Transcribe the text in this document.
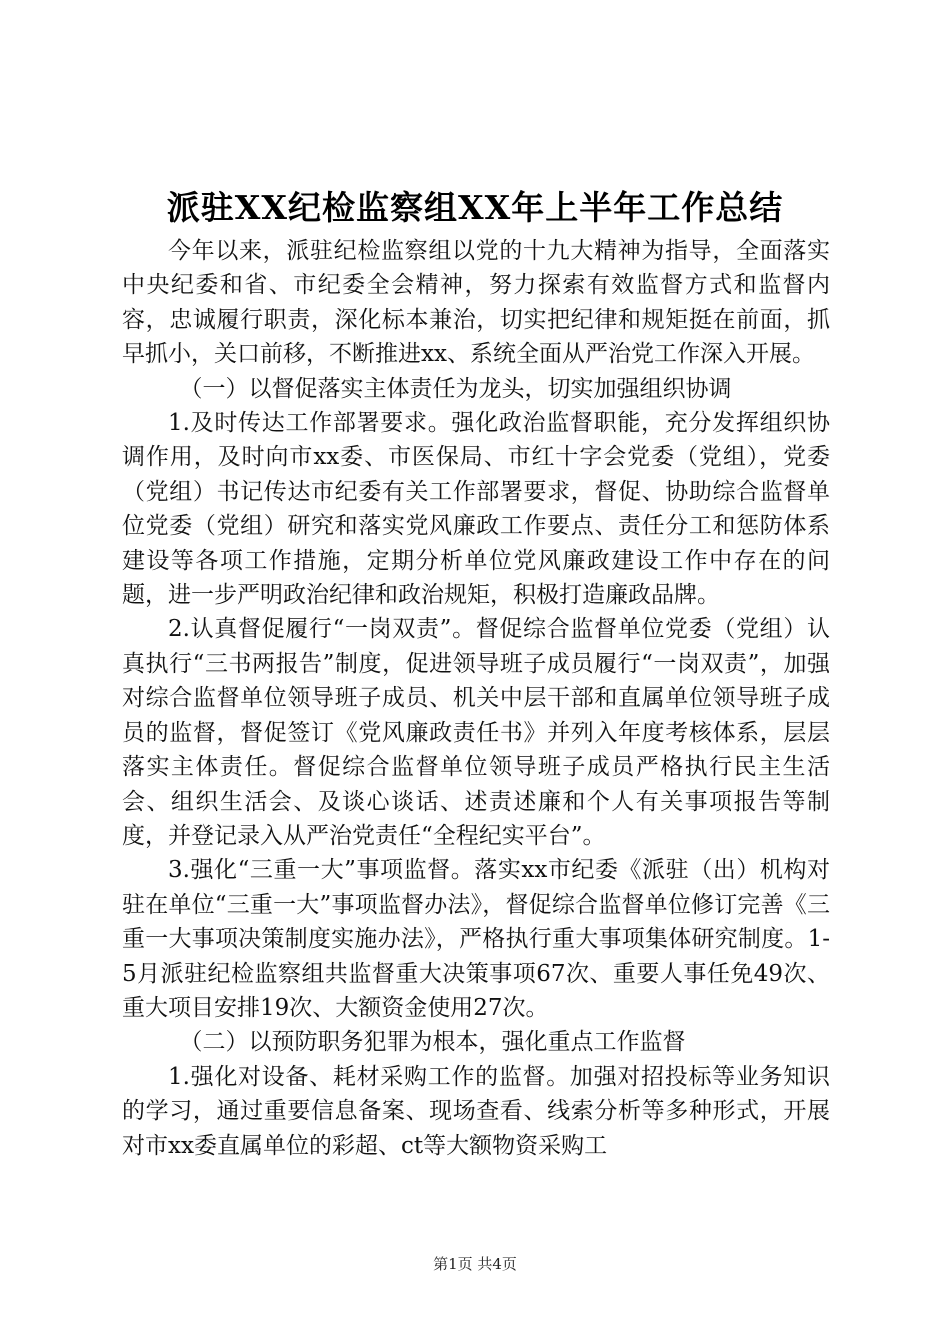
派驻XX纪检监察组XX年上半年工作总结

今年以来，派驻纪检监察组以党的十九大精神为指导，全面落实中央纪委和省、市纪委全会精神，努力探索有效监督方式和监督内容，忠诚履行职责，深化标本兼治，切实把纪律和规矩挺在前面，抓早抓小，关口前移，不断推进xx、系统全面从严治党工作深入开展。

（一）以督促落实主体责任为龙头，切实加强组织协调

1.及时传达工作部署要求。强化政治监督职能，充分发挥组织协调作用，及时向市xx委、市医保局、市红十字会党委（党组），党委（党组）书记传达市纪委有关工作部署要求，督促、协助综合监督单位党委（党组）研究和落实党风廉政工作要点、责任分工和惩防体系建设等各项工作措施，定期分析单位党风廉政建设工作中存在的问题，进一步严明政治纪律和政治规矩，积极打造廉政品牌。

2.认真督促履行“一岗双责”。督促综合监督单位党委（党组）认真执行“三书两报告”制度，促进领导班子成员履行“一岗双责”，加强对综合监督单位领导班子成员、机关中层干部和直属单位领导班子成员的监督，督促签订《党风廉政责任书》并列入年度考核体系，层层落实主体责任。督促综合监督单位领导班子成员严格执行民主生活会、组织生活会、及谈心谈话、述责述廉和个人有关事项报告等制度，并登记录入从严治党责任“全程纪实平台”。

3.强化“三重一大”事项监督。落实xx市纪委《派驻（出）机构对驻在单位“三重一大”事项监督办法》，督促综合监督单位修订完善《三重一大事项决策制度实施办法》，严格执行重大事项集体研究制度。1-5月派驻纪检监察组共监督重大决策事项67次、重要人事任免49次、重大项目安排19次、大额资金使用27次。

（二）以预防职务犯罪为根本，强化重点工作监督

1.强化对设备、耗材采购工作的监督。加强对招投标等业务知识的学习，通过重要信息备案、现场查看、线索分析等多种形式，开展对市xx委直属单位的彩超、ct等大额物资采购工

第1页 共4页
